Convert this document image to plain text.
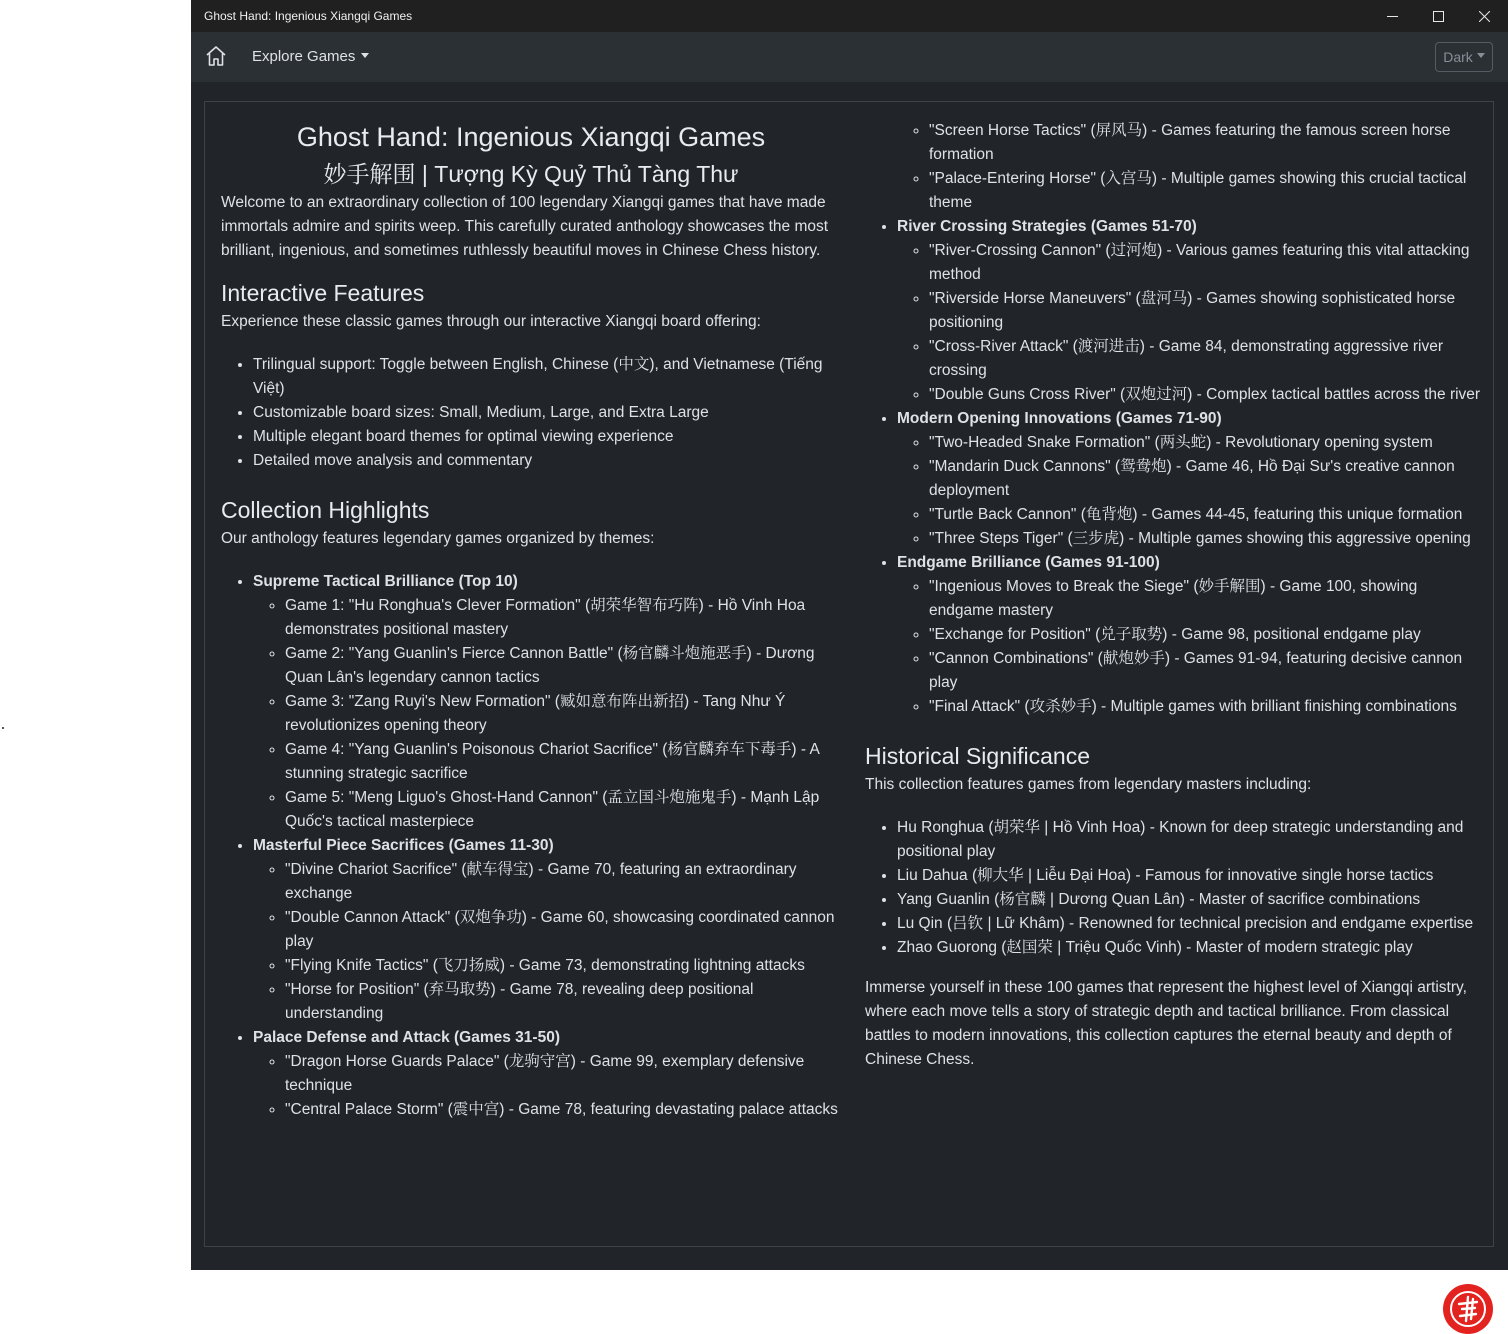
Ghost Hand: Ingenious Xiangqi Games
Explore Games	Dark
Ghost Hand: Ingenious Xiangqi Games
妙手解围 | Tượng Kỳ Quỷ Thủ Tàng Thư

Welcome to an extraordinary collection of 100 legendary Xiangqi games that have made immortals admire and spirits weep. This carefully curated anthology showcases the most brilliant, ingenious, and sometimes ruthlessly beautiful moves in Chinese Chess history.

Interactive Features

Experience these classic games through our interactive Xiangqi board offering:

• Trilingual support: Toggle between English, Chinese (中文), and Vietnamese (Tiếng Việt)
• Customizable board sizes: Small, Medium, Large, and Extra Large
• Multiple elegant board themes for optimal viewing experience
• Detailed move analysis and commentary
Collection Highlights

Our anthology features legendary games organized by themes:

• Supreme Tactical Brilliance (Top 10)
◦ Game 1: "Hu Ronghua's Clever Formation" (胡荣华智布巧阵) - Hồ Vinh Hoa demonstrates positional mastery
◦ Game 2: "Yang Guanlin's Fierce Cannon Battle" (杨官麟斗炮施恶手) - Dương Quan Lân's legendary cannon tactics
◦ Game 3: "Zang Ruyi's New Formation" (臧如意布阵出新招) - Tang Như Ý revolutionizes opening theory
◦ Game 4: "Yang Guanlin's Poisonous Chariot Sacrifice" (杨官麟弃车下毒手) - A stunning strategic sacrifice
◦ Game 5: "Meng Liguo's Ghost-Hand Cannon" (孟立国斗炮施鬼手) - Mạnh Lập Quốc's tactical masterpiece
• Masterful Piece Sacrifices (Games 11-30)
◦ "Divine Chariot Sacrifice" (献车得宝) - Game 70, featuring an extraordinary exchange
◦ "Double Cannon Attack" (双炮争功) - Game 60, showcasing coordinated cannon play
◦ "Flying Knife Tactics" (飞刀扬威) - Game 73, demonstrating lightning attacks
◦ "Horse for Position" (弃马取势) - Game 78, revealing deep positional understanding
• Palace Defense and Attack (Games 31-50)
◦ "Dragon Horse Guards Palace" (龙驹守宫) - Game 99, exemplary defensive technique
◦ "Central Palace Storm" (震中宫) - Game 78, featuring devastating palace attacks
◦ "Screen Horse Tactics" (屏风马) - Games featuring the famous screen horse formation
◦ "Palace-Entering Horse" (入宫马) - Multiple games showing this crucial tactical theme
• River Crossing Strategies (Games 51-70)
◦ "River-Crossing Cannon" (过河炮) - Various games featuring this vital attacking method
◦ "Riverside Horse Maneuvers" (盘河马) - Games showing sophisticated horse positioning
◦ "Cross-River Attack" (渡河进击) - Game 84, demonstrating aggressive river crossing
◦ "Double Guns Cross River" (双炮过河) - Complex tactical battles across the river
• Modern Opening Innovations (Games 71-90)
◦ "Two-Headed Snake Formation" (两头蛇) - Revolutionary opening system
◦ "Mandarin Duck Cannons" (鸳鸯炮) - Game 46, Hồ Đại Sư's creative cannon deployment
◦ "Turtle Back Cannon" (龟背炮) - Games 44-45, featuring this unique formation
◦ "Three Steps Tiger" (三步虎) - Multiple games showing this aggressive opening
• Endgame Brilliance (Games 91-100)
◦ "Ingenious Moves to Break the Siege" (妙手解围) - Game 100, showing endgame mastery
◦ "Exchange for Position" (兑子取势) - Game 98, positional endgame play
◦ "Cannon Combinations" (献炮妙手) - Games 91-94, featuring decisive cannon play
◦ "Final Attack" (攻杀妙手) - Multiple games with brilliant finishing combinations
Historical Significance

This collection features games from legendary masters including:

• Hu Ronghua (胡荣华 | Hồ Vinh Hoa) - Known for deep strategic understanding and positional play
• Liu Dahua (柳大华 | Liễu Đại Hoa) - Famous for innovative single horse tactics
• Yang Guanlin (杨官麟 | Dương Quan Lân) - Master of sacrifice combinations
• Lu Qin (吕钦 | Lữ Khâm) - Renowned for technical precision and endgame expertise
• Zhao Guorong (赵国荣 | Triệu Quốc Vinh) - Master of modern strategic play

Immerse yourself in these 100 games that represent the highest level of Xiangqi artistry, where each move tells a story of strategic depth and tactical brilliance. From classical battles to modern innovations, this collection captures the eternal beauty and depth of Chinese Chess.
